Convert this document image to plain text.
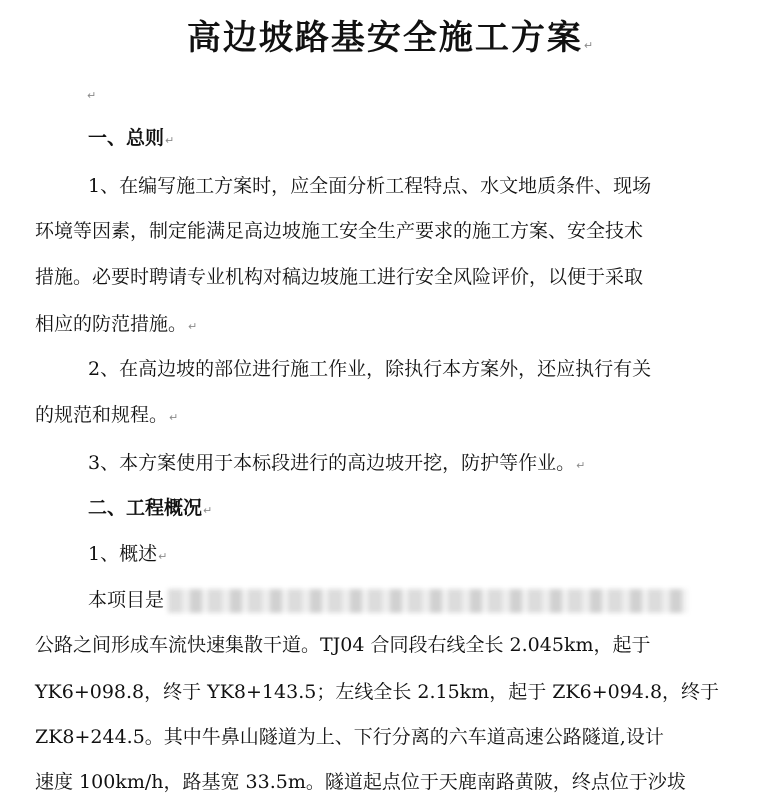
高边坡路基安全施工方案↵
↵
一、总则↵
1、在编写施工方案时，应全面分析工程特点、水文地质条件、现场
环境等因素，制定能满足高边坡施工安全生产要求的施工方案、安全技术
措施。必要时聘请专业机构对稿边坡施工进行安全风险评价，以便于采取
相应的防范措施。↵
2、在高边坡的部位进行施工作业，除执行本方案外，还应执行有关
的规范和规程。↵
3、本方案使用于本标段进行的高边坡开挖，防护等作业。↵
二、工程概况↵
1、概述↵
本项目是
公路之间形成车流快速集散干道。TJ04 合同段右线全长 2.045km，起于
YK6+098.8，终于 YK8+143.5；左线全长 2.15km，起于 ZK6+094.8，终于
ZK8+244.5。其中牛鼻山隧道为上、下行分离的六车道高速公路隧道,设计
速度 100km/h，路基宽 33.5m。隧道起点位于天鹿南路黄陂，终点位于沙坺
